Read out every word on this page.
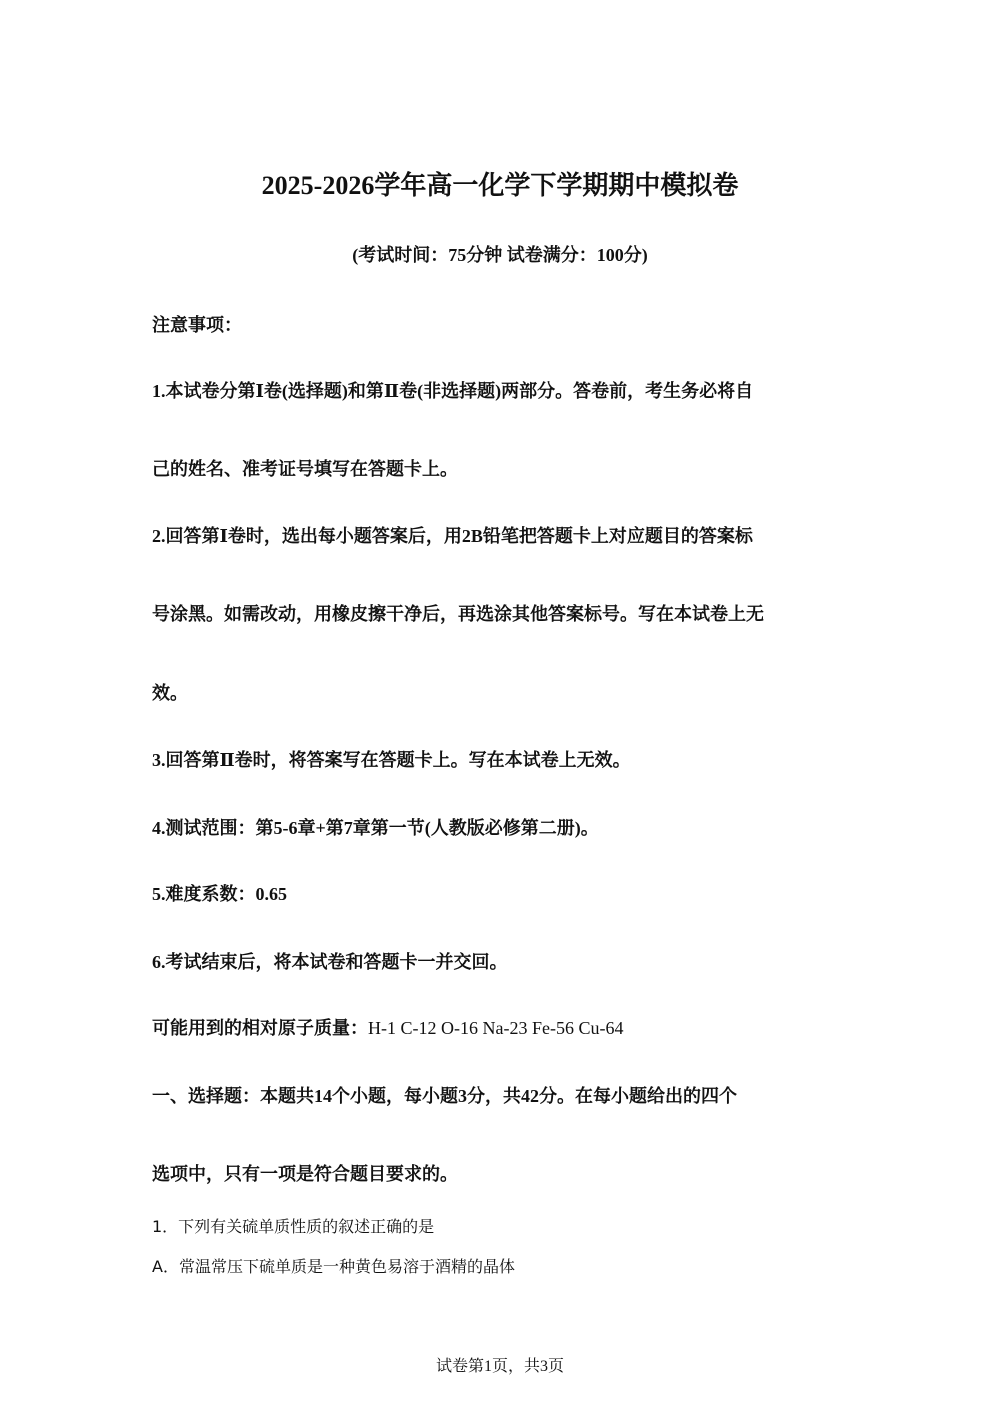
2025-2026学年高一化学下学期期中模拟卷
(考试时间：75分钟 试卷满分：100分)
注意事项：
1.本试卷分第Ⅰ卷(选择题)和第Ⅱ卷(非选择题)两部分。答卷前，考生务必将自
己的姓名、准考证号填写在答题卡上。
2.回答第Ⅰ卷时，选出每小题答案后，用2B铅笔把答题卡上对应题目的答案标
号涂黑。如需改动，用橡皮擦干净后，再选涂其他答案标号。写在本试卷上无
效。
3.回答第Ⅱ卷时，将答案写在答题卡上。写在本试卷上无效。
4.测试范围：第5-6章+第7章第一节(人教版必修第二册)。
5.难度系数：0.65
6.考试结束后，将本试卷和答题卡一并交回。
可能用到的相对原子质量：H-1 C-12 O-16 Na-23 Fe-56 Cu-64
一、选择题：本题共14个小题，每小题3分，共42分。在每小题给出的四个
选项中，只有一项是符合题目要求的。
1．下列有关硫单质性质的叙述正确的是
A．常温常压下硫单质是一种黄色易溶于酒精的晶体
试卷第1页，共3页
